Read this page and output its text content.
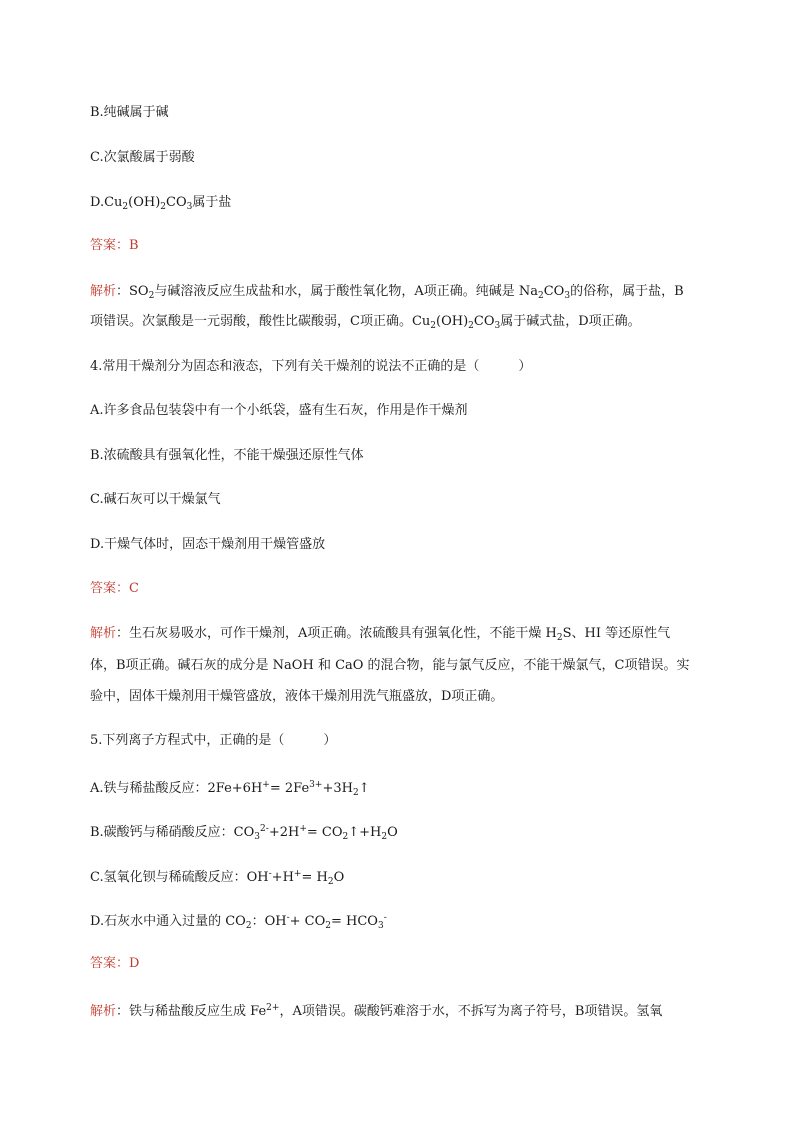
B.纯碱属于碱
C.次氯酸属于弱酸
$D.Cu_2(OH)_2CO_3$属于盐
答案：B
解析：$SO_2$与碱溶液反应生成盐和水，属于酸性氧化物，A项正确。纯碱是 $Na_2CO_3$的俗称，属于盐，B
项错误。次氯酸是一元弱酸，酸性比碳酸弱，C项正确。$Cu_2(OH)_2CO_3$属于碱式盐，D项正确。
4.常用干燥剂分为固态和液态，下列有关干燥剂的说法不正确的是（　　　）
A.许多食品包装袋中有一个小纸袋，盛有生石灰，作用是作干燥剂
B.浓硫酸具有强氧化性，不能干燥强还原性气体
C.碱石灰可以干燥氯气
D.干燥气体时，固态干燥剂用干燥管盛放
答案：C
解析：生石灰易吸水，可作干燥剂，A项正确。浓硫酸具有强氧化性，不能干燥 $H_2S$、HI 等还原性气
体，B项正确。碱石灰的成分是 NaOH 和 CaO 的混合物，能与氯气反应，不能干燥氯气，C项错误。实
验中，固体干燥剂用干燥管盛放，液体干燥剂用洗气瓶盛放，D项正确。
5.下列离子方程式中，正确的是（　　　）
A.铁与稀盐酸反应：$2Fe+6H^+= 2Fe^{3+}+3H_2↑$
B.碳酸钙与稀硝酸反应：$CO_3^{2-}+2H^+=$ $CO_2↑+H_2O$
C.氢氧化钡与稀硫酸反应：$OH^-+H^+= H_2O$
D.石灰水中通入过量的 $CO_2$：$OH^-+ CO_2= HCO_3^-$
答案：D
解析：铁与稀盐酸反应生成 $Fe^{2+}$，A项错误。碳酸钙难溶于水，不拆写为离子符号，B项错误。氢氧
